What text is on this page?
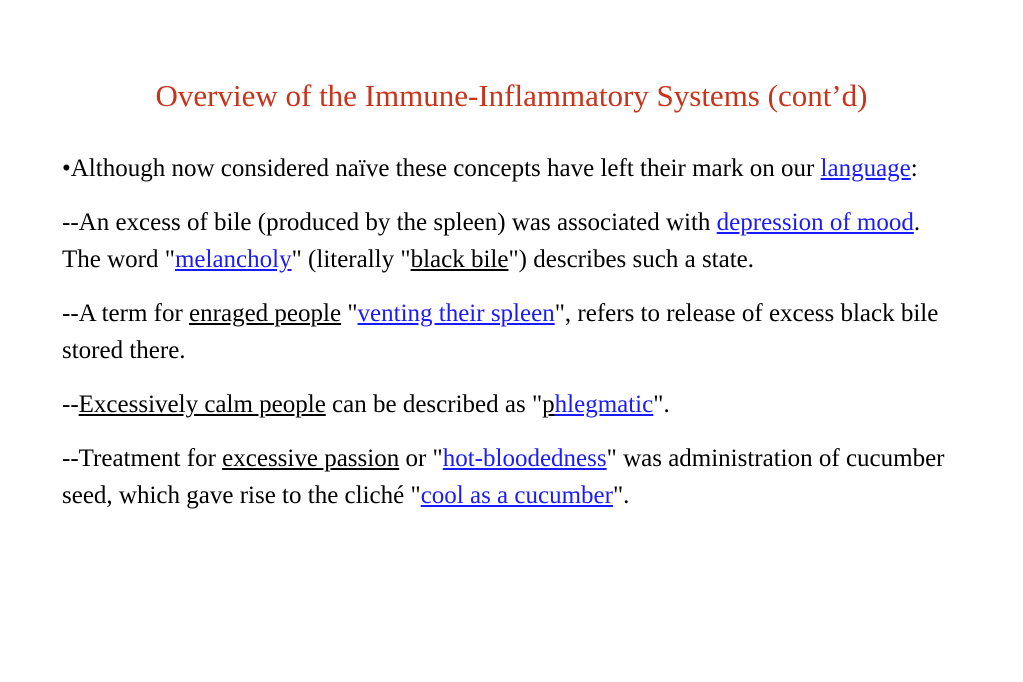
Overview of the Immune-Inflammatory Systems (cont’d)

•Although now considered naïve these concepts have left their mark on our language:

--An excess of bile (produced by the spleen) was associated with depression of mood. The word "melancholy" (literally "black bile") describes such a state.

--A term for enraged people "venting their spleen", refers to release of excess black bile stored there.

--Excessively calm people can be described as "phlegmatic".

--Treatment for excessive passion or "hot-bloodedness" was administration of cucumber seed, which gave rise to the cliché "cool as a cucumber".
